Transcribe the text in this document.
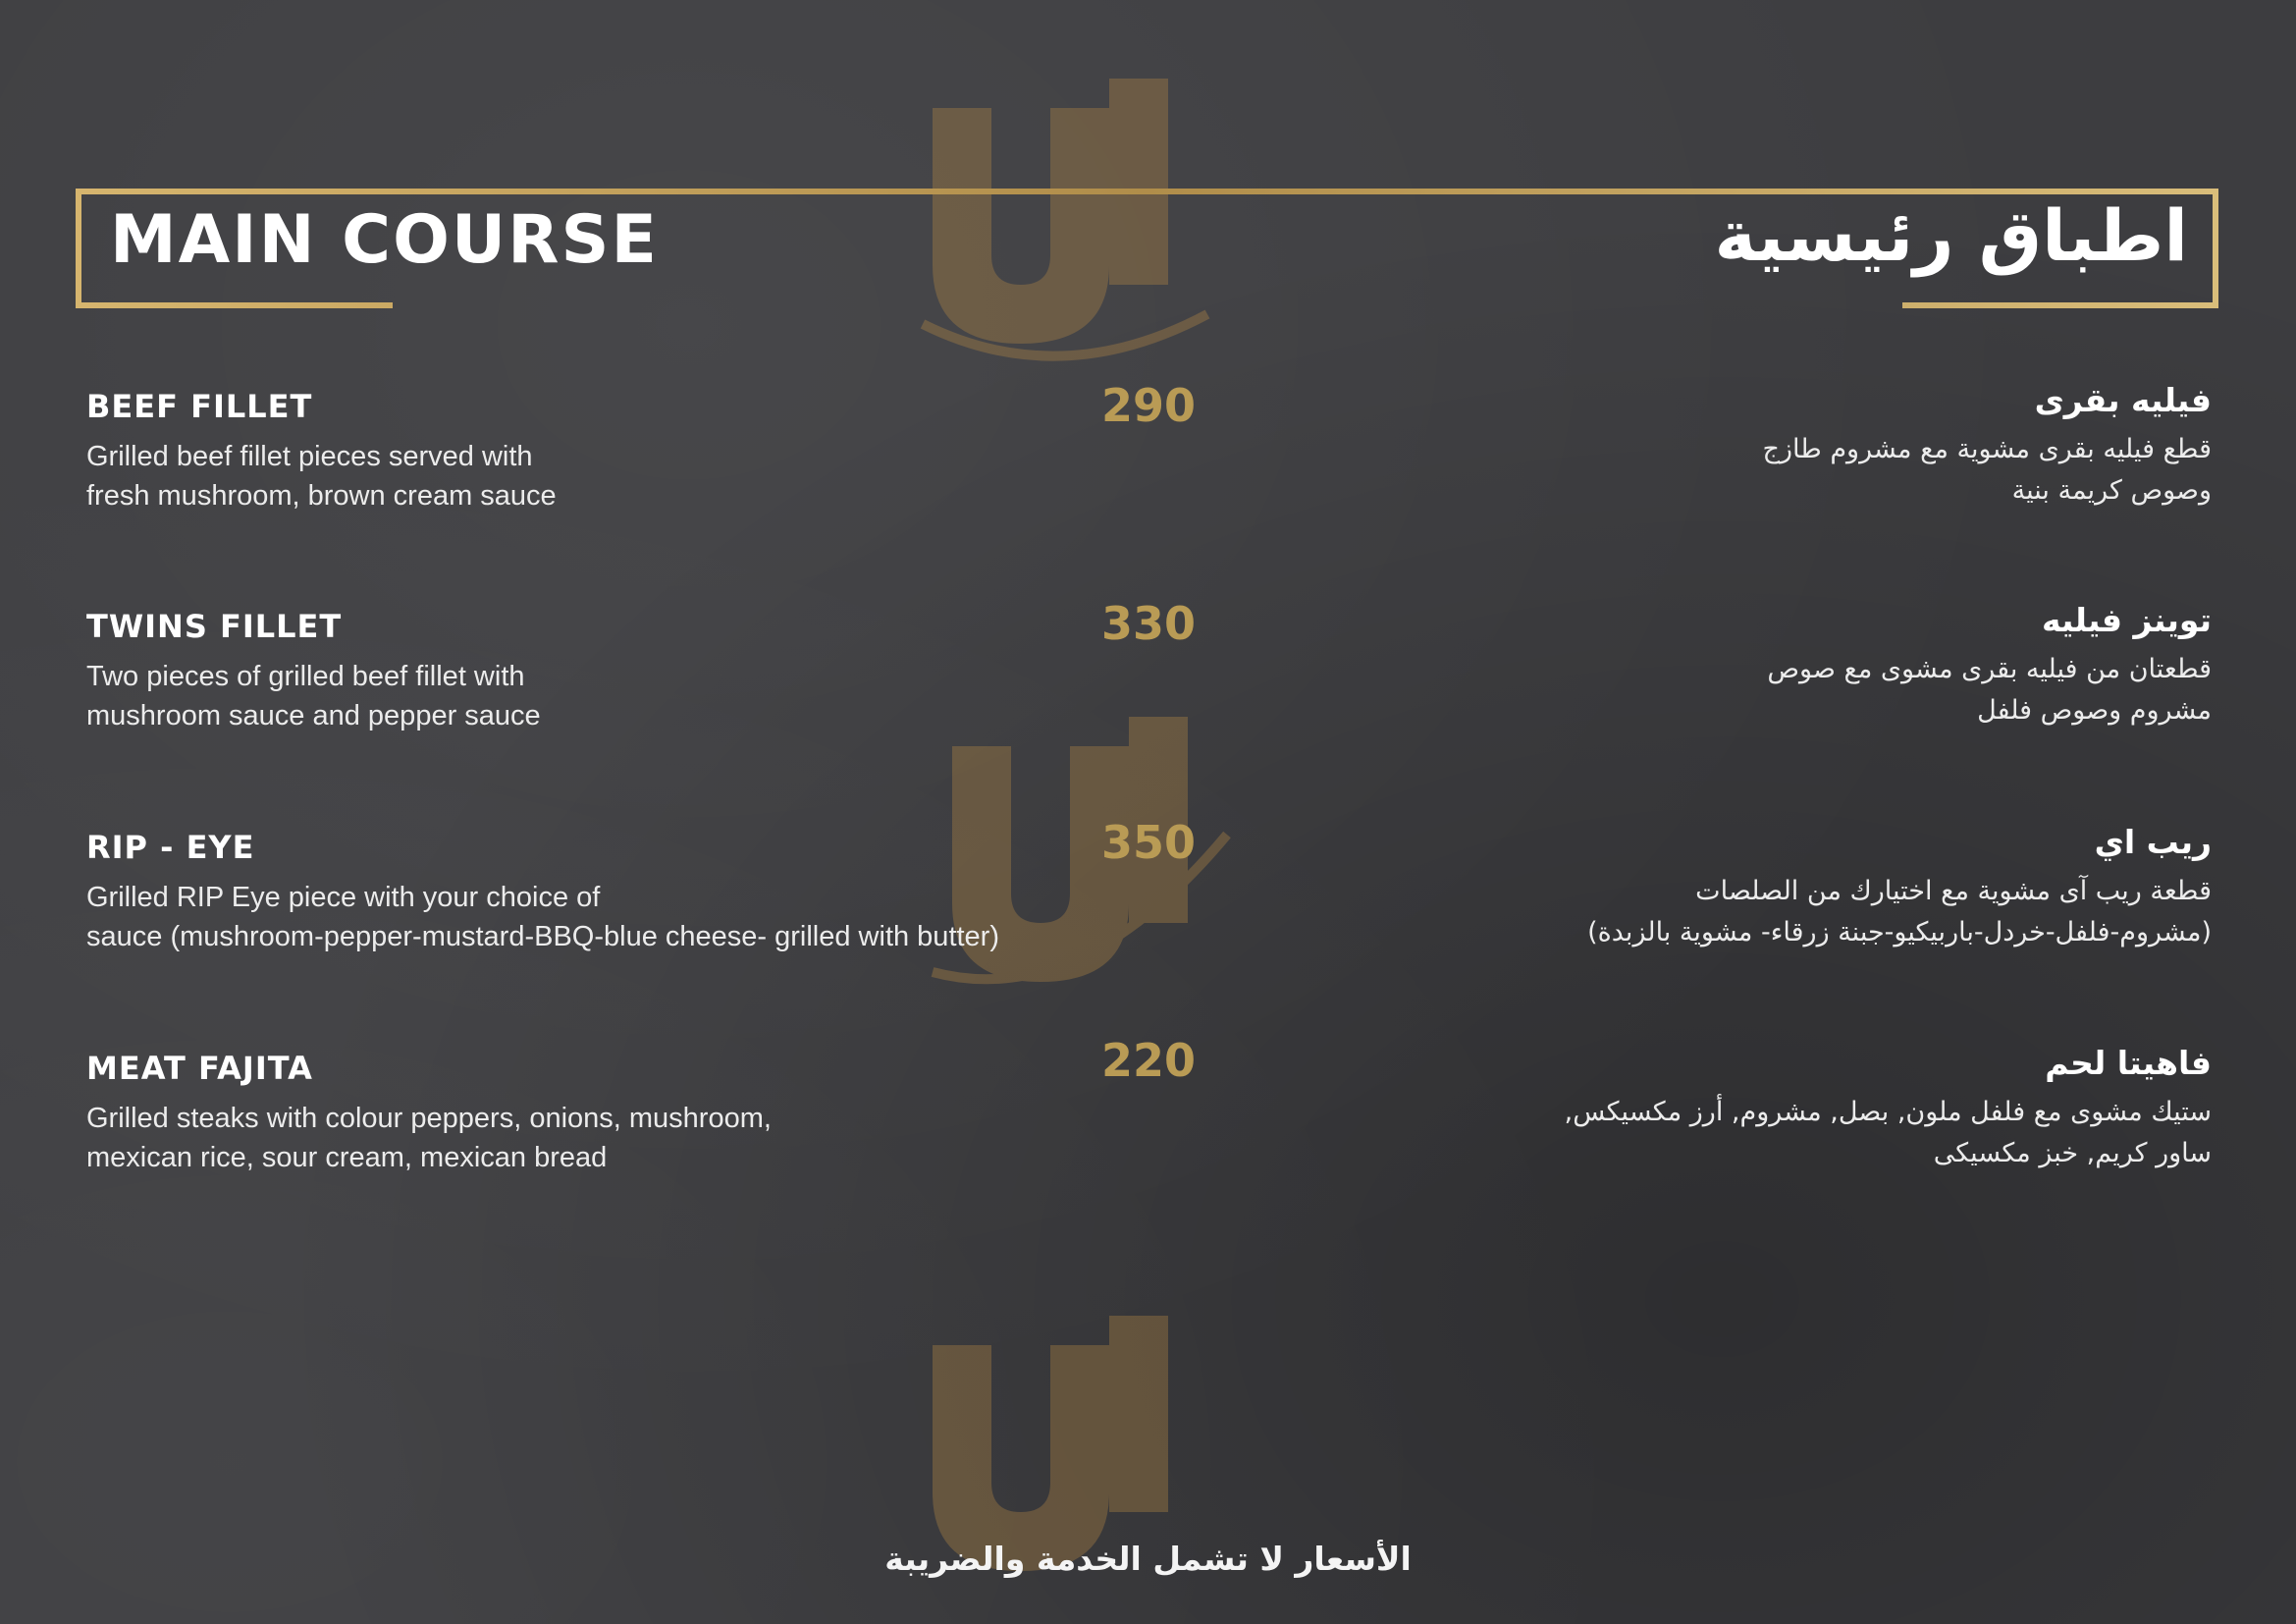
MAIN COURSE	اطباق رئيسية

BEEF FILLET

Grilled beef fillet pieces served with

fresh mushroom, brown cream sauce

290	فيليه بقرى

قطع فيليه بقرى مشوية مع مشروم طازج

وصوص كريمة بنية

TWINS FILLET

Two pieces of grilled beef fillet with

mushroom sauce and pepper sauce

330	توينز فيليه

قطعتان من فيليه بقرى مشوى مع صوص

مشروم وصوص فلفل

RIP - EYE

Grilled RIP Eye piece with your choice of

sauce (mushroom-pepper-mustard-BBQ-blue cheese- grilled with butter)

350	ريب اي

قطعة ريب آى مشوية مع اختيارك من الصلصات

(مشروم-فلفل-خردل-باربيكيو-جبنة زرقاء- مشوية بالزبدة)

MEAT FAJITA

Grilled steaks with colour peppers, onions, mushroom,

mexican rice, sour cream, mexican bread

220	فاهيتا لحم

ستيك مشوى مع فلفل ملون, بصل, مشروم, أرز مكسيكس,

ساور كريم, خبز مكسيكى

الأسعار لا تشمل الخدمة والضريبة
